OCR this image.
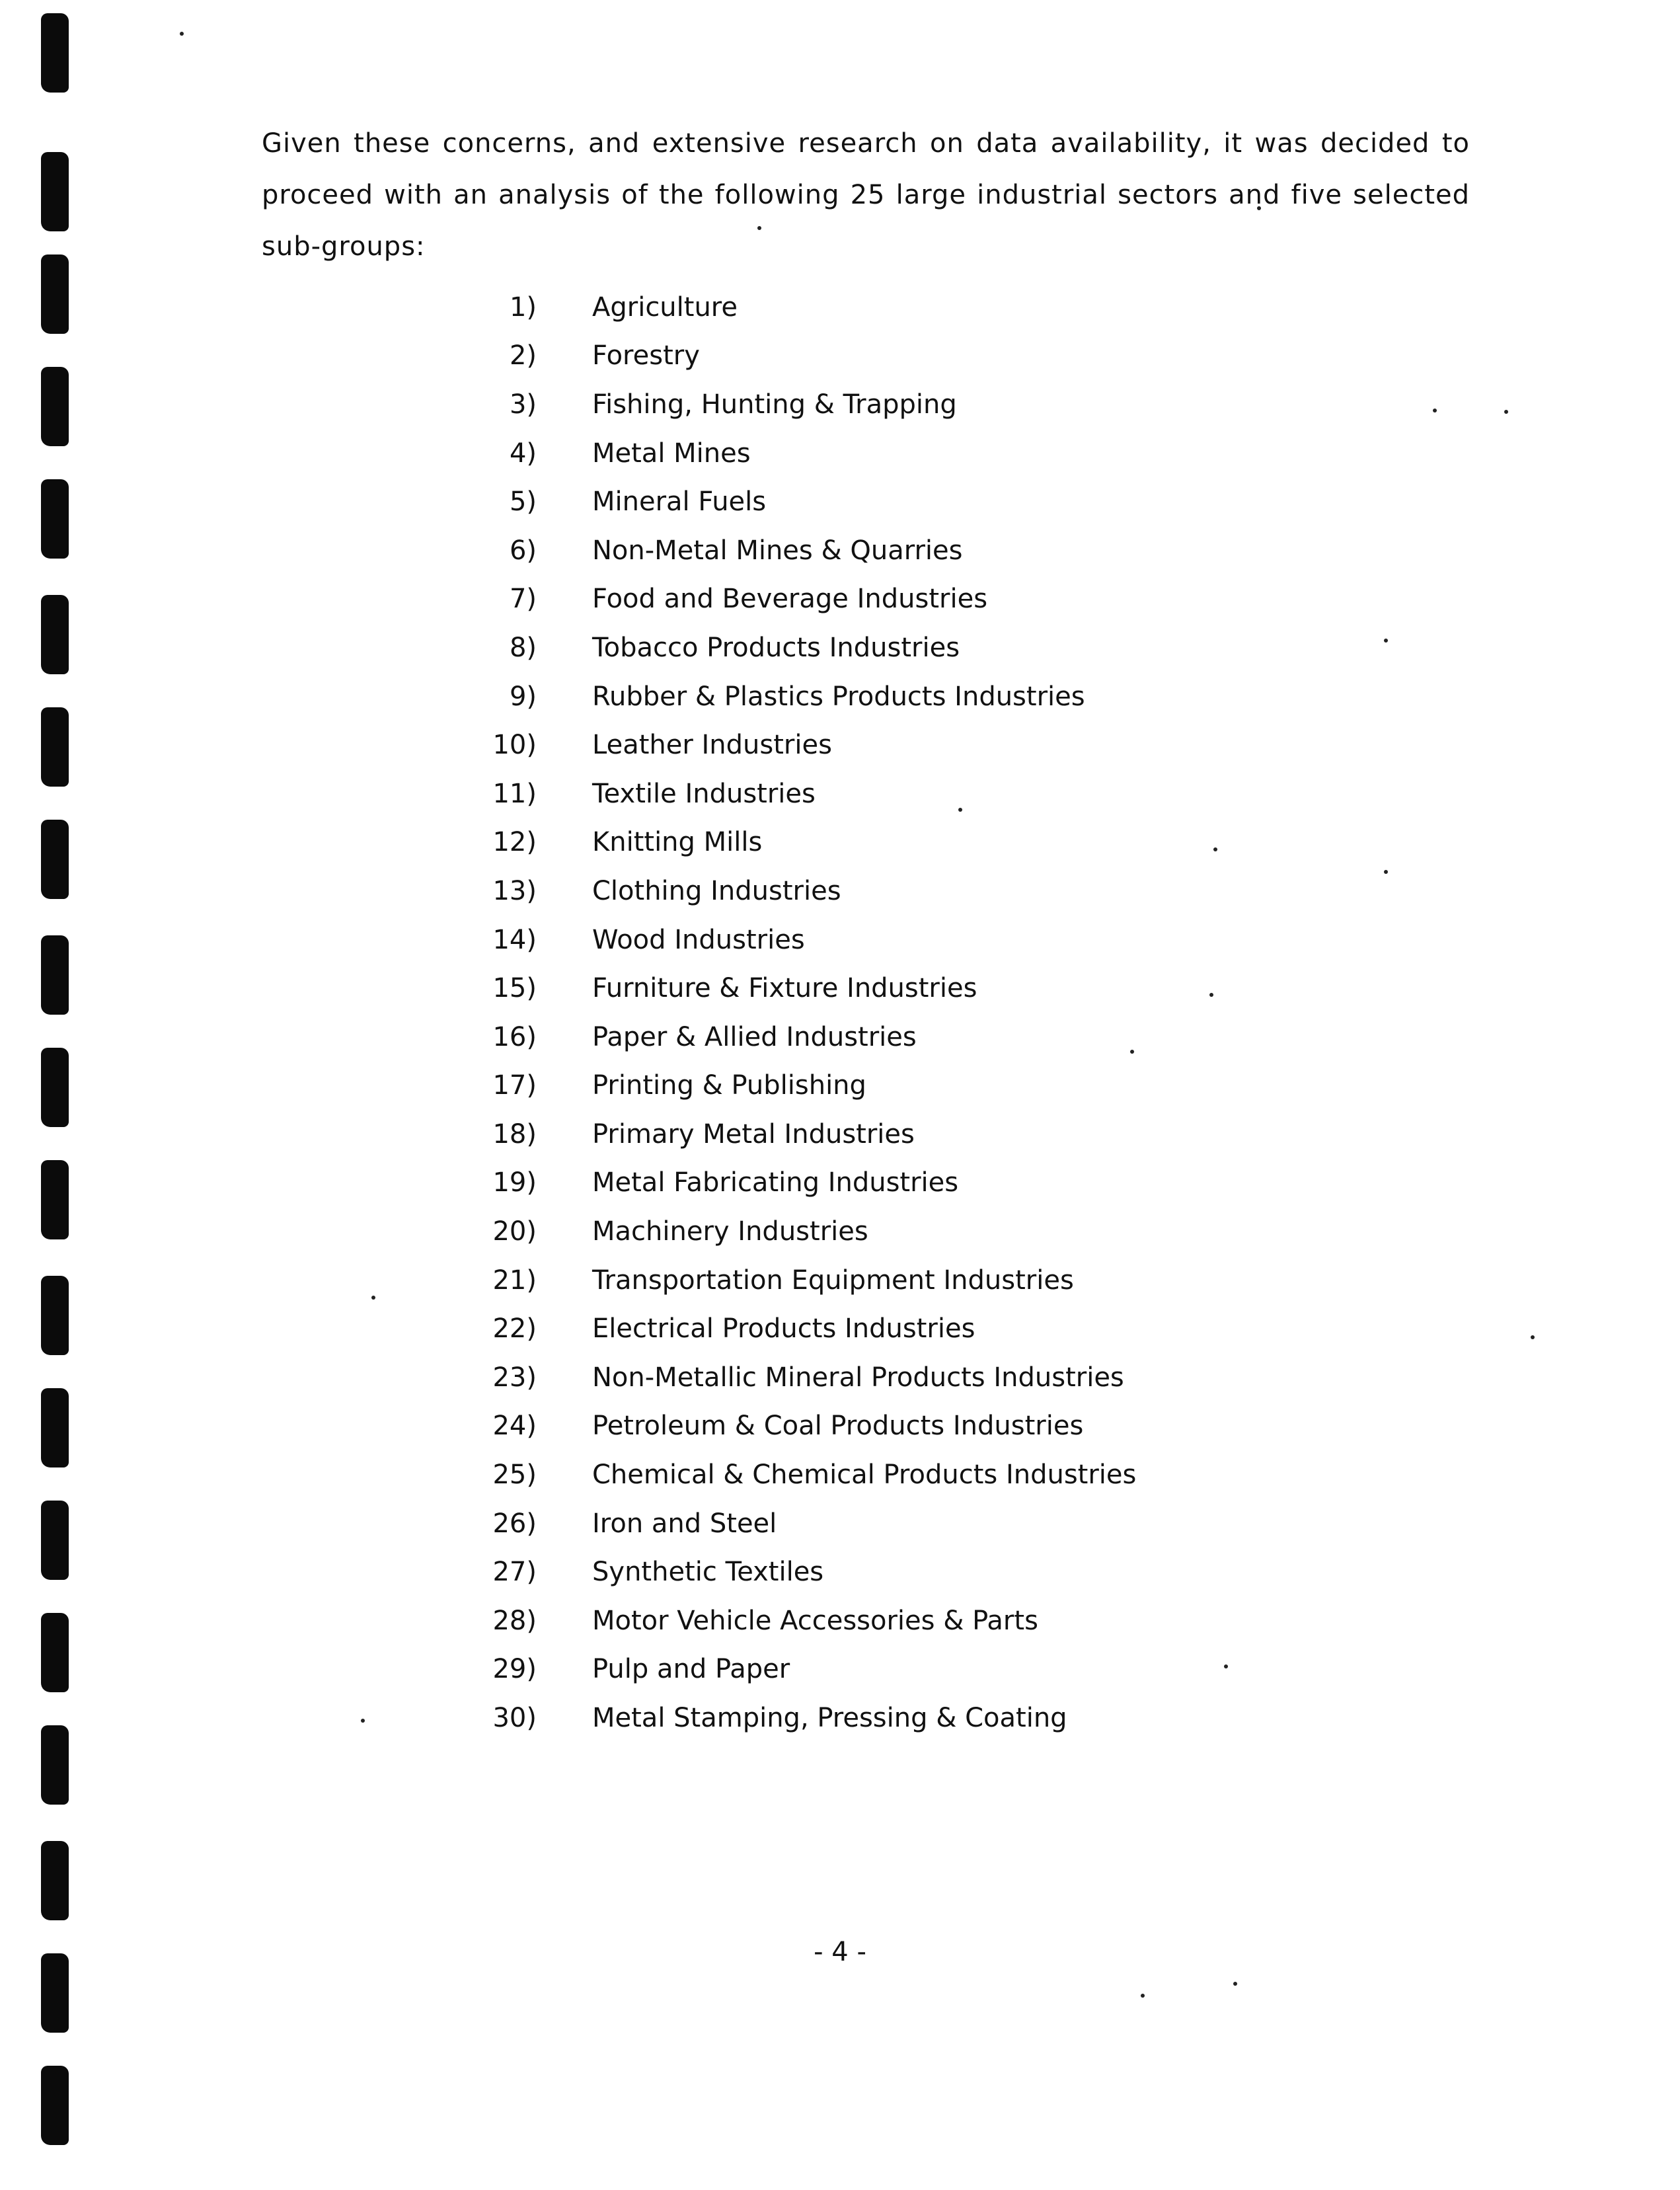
Given these concerns, and extensive research on data availability, it was decided to proceed with an analysis of the following 25 large industrial sectors and five selected sub-groups:

1)	Agriculture
2)	Forestry
3)	Fishing, Hunting & Trapping
4)	Metal Mines
5)	Mineral Fuels
6)	Non-Metal Mines & Quarries
7)	Food and Beverage Industries
8)	Tobacco Products Industries
9)	Rubber & Plastics Products Industries
10)	Leather Industries
11)	Textile Industries
12)	Knitting Mills
13)	Clothing Industries
14)	Wood Industries
15)	Furniture & Fixture Industries
16)	Paper & Allied Industries
17)	Printing & Publishing
18)	Primary Metal Industries
19)	Metal Fabricating Industries
20)	Machinery Industries
21)	Transportation Equipment Industries
22)	Electrical Products Industries
23)	Non-Metallic Mineral Products Industries
24)	Petroleum & Coal Products Industries
25)	Chemical & Chemical Products Industries
26)	Iron and Steel
27)	Synthetic Textiles
28)	Motor Vehicle Accessories & Parts
29)	Pulp and Paper
30)	Metal Stamping, Pressing & Coating
- 4 -
